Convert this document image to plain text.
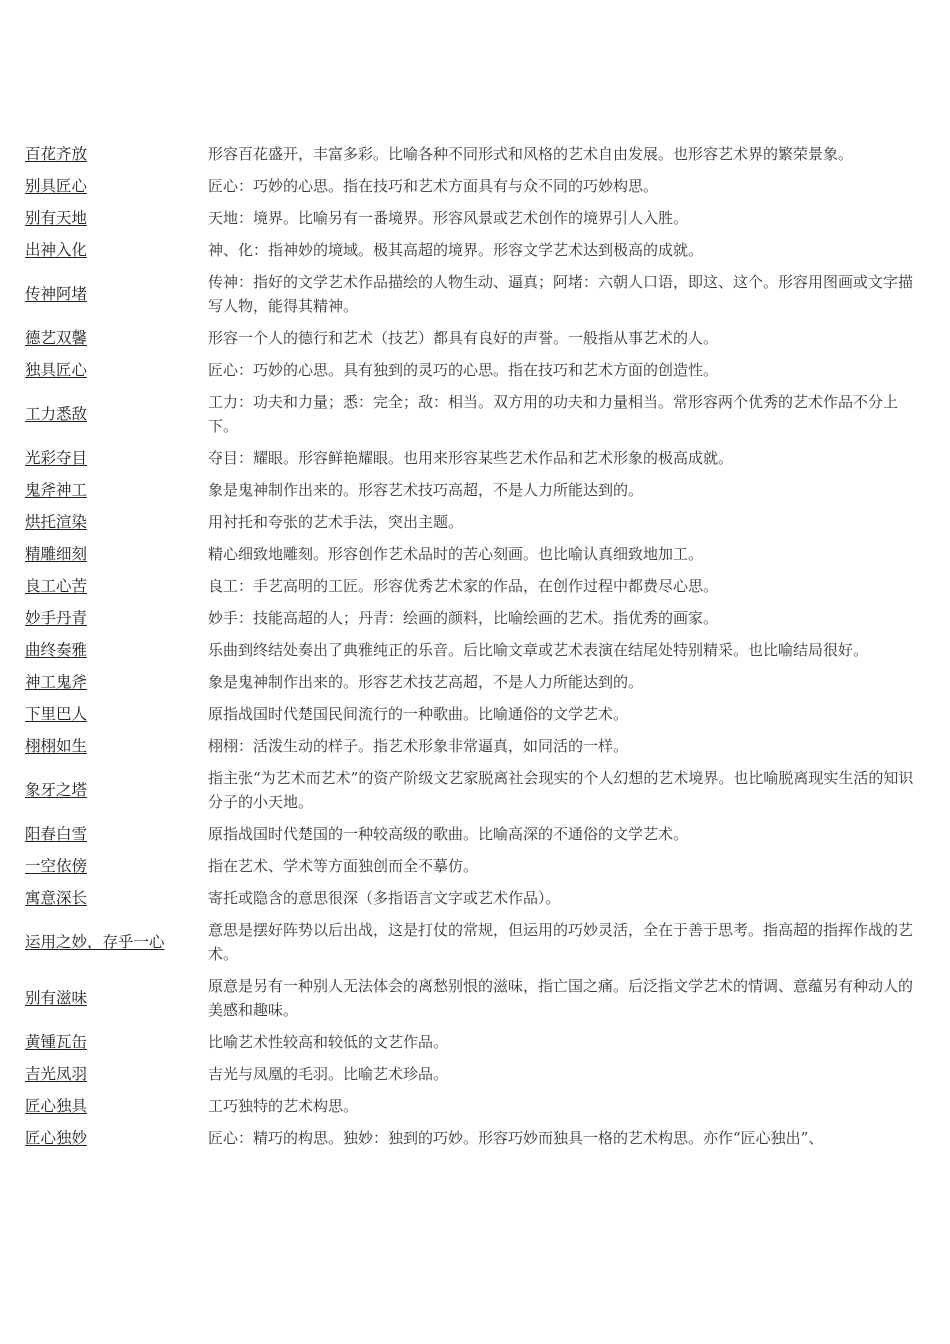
百花齐放	形容百花盛开，丰富多彩。比喻各种不同形式和风格的艺术自由发展。也形容艺术界的繁荣景象。
别具匠心	匠心：巧妙的心思。指在技巧和艺术方面具有与众不同的巧妙构思。
别有天地	天地：境界。比喻另有一番境界。形容风景或艺术创作的境界引人入胜。
出神入化	神、化：指神妙的境域。极其高超的境界。形容文学艺术达到极高的成就。
传神阿堵	传神：指好的文学艺术作品描绘的人物生动、逼真；阿堵：六朝人口语，即这、这个。形容用图画或文字描写人物，能得其精神。
德艺双馨	形容一个人的德行和艺术（技艺）都具有良好的声誉。一般指从事艺术的人。
独具匠心	匠心：巧妙的心思。具有独到的灵巧的心思。指在技巧和艺术方面的创造性。
工力悉敌	工力：功夫和力量；悉：完全；敌：相当。双方用的功夫和力量相当。常形容两个优秀的艺术作品不分上下。
光彩夺目	夺目：耀眼。形容鲜艳耀眼。也用来形容某些艺术作品和艺术形象的极高成就。
鬼斧神工	象是鬼神制作出来的。形容艺术技巧高超，不是人力所能达到的。
烘托渲染	用衬托和夸张的艺术手法，突出主题。
精雕细刻	精心细致地雕刻。形容创作艺术品时的苦心刻画。也比喻认真细致地加工。
良工心苦	良工：手艺高明的工匠。形容优秀艺术家的作品，在创作过程中都费尽心思。
妙手丹青	妙手：技能高超的人；丹青：绘画的颜料，比喻绘画的艺术。指优秀的画家。
曲终奏雅	乐曲到终结处奏出了典雅纯正的乐音。后比喻文章或艺术表演在结尾处特别精采。也比喻结局很好。
神工鬼斧	象是鬼神制作出来的。形容艺术技艺高超，不是人力所能达到的。
下里巴人	原指战国时代楚国民间流行的一种歌曲。比喻通俗的文学艺术。
栩栩如生	栩栩：活泼生动的样子。指艺术形象非常逼真，如同活的一样。
象牙之塔	指主张“为艺术而艺术”的资产阶级文艺家脱离社会现实的个人幻想的艺术境界。也比喻脱离现实生活的知识分子的小天地。
阳春白雪	原指战国时代楚国的一种较高级的歌曲。比喻高深的不通俗的文学艺术。
一空依傍	指在艺术、学术等方面独创而全不摹仿。
寓意深长	寄托或隐含的意思很深（多指语言文字或艺术作品）。
运用之妙，存乎一心	意思是摆好阵势以后出战，这是打仗的常规，但运用的巧妙灵活，全在于善于思考。指高超的指挥作战的艺术。
别有滋味	原意是另有一种别人无法体会的离愁别恨的滋味，指亡国之痛。后泛指文学艺术的情调、意蕴另有种动人的美感和趣味。
黄锺瓦缶	比喻艺术性较高和较低的文艺作品。
吉光凤羽	吉光与凤凰的毛羽。比喻艺术珍品。
匠心独具	工巧独特的艺术构思。
匠心独妙	匠心：精巧的构思。独妙：独到的巧妙。形容巧妙而独具一格的艺术构思。亦作“匠心独出”、
